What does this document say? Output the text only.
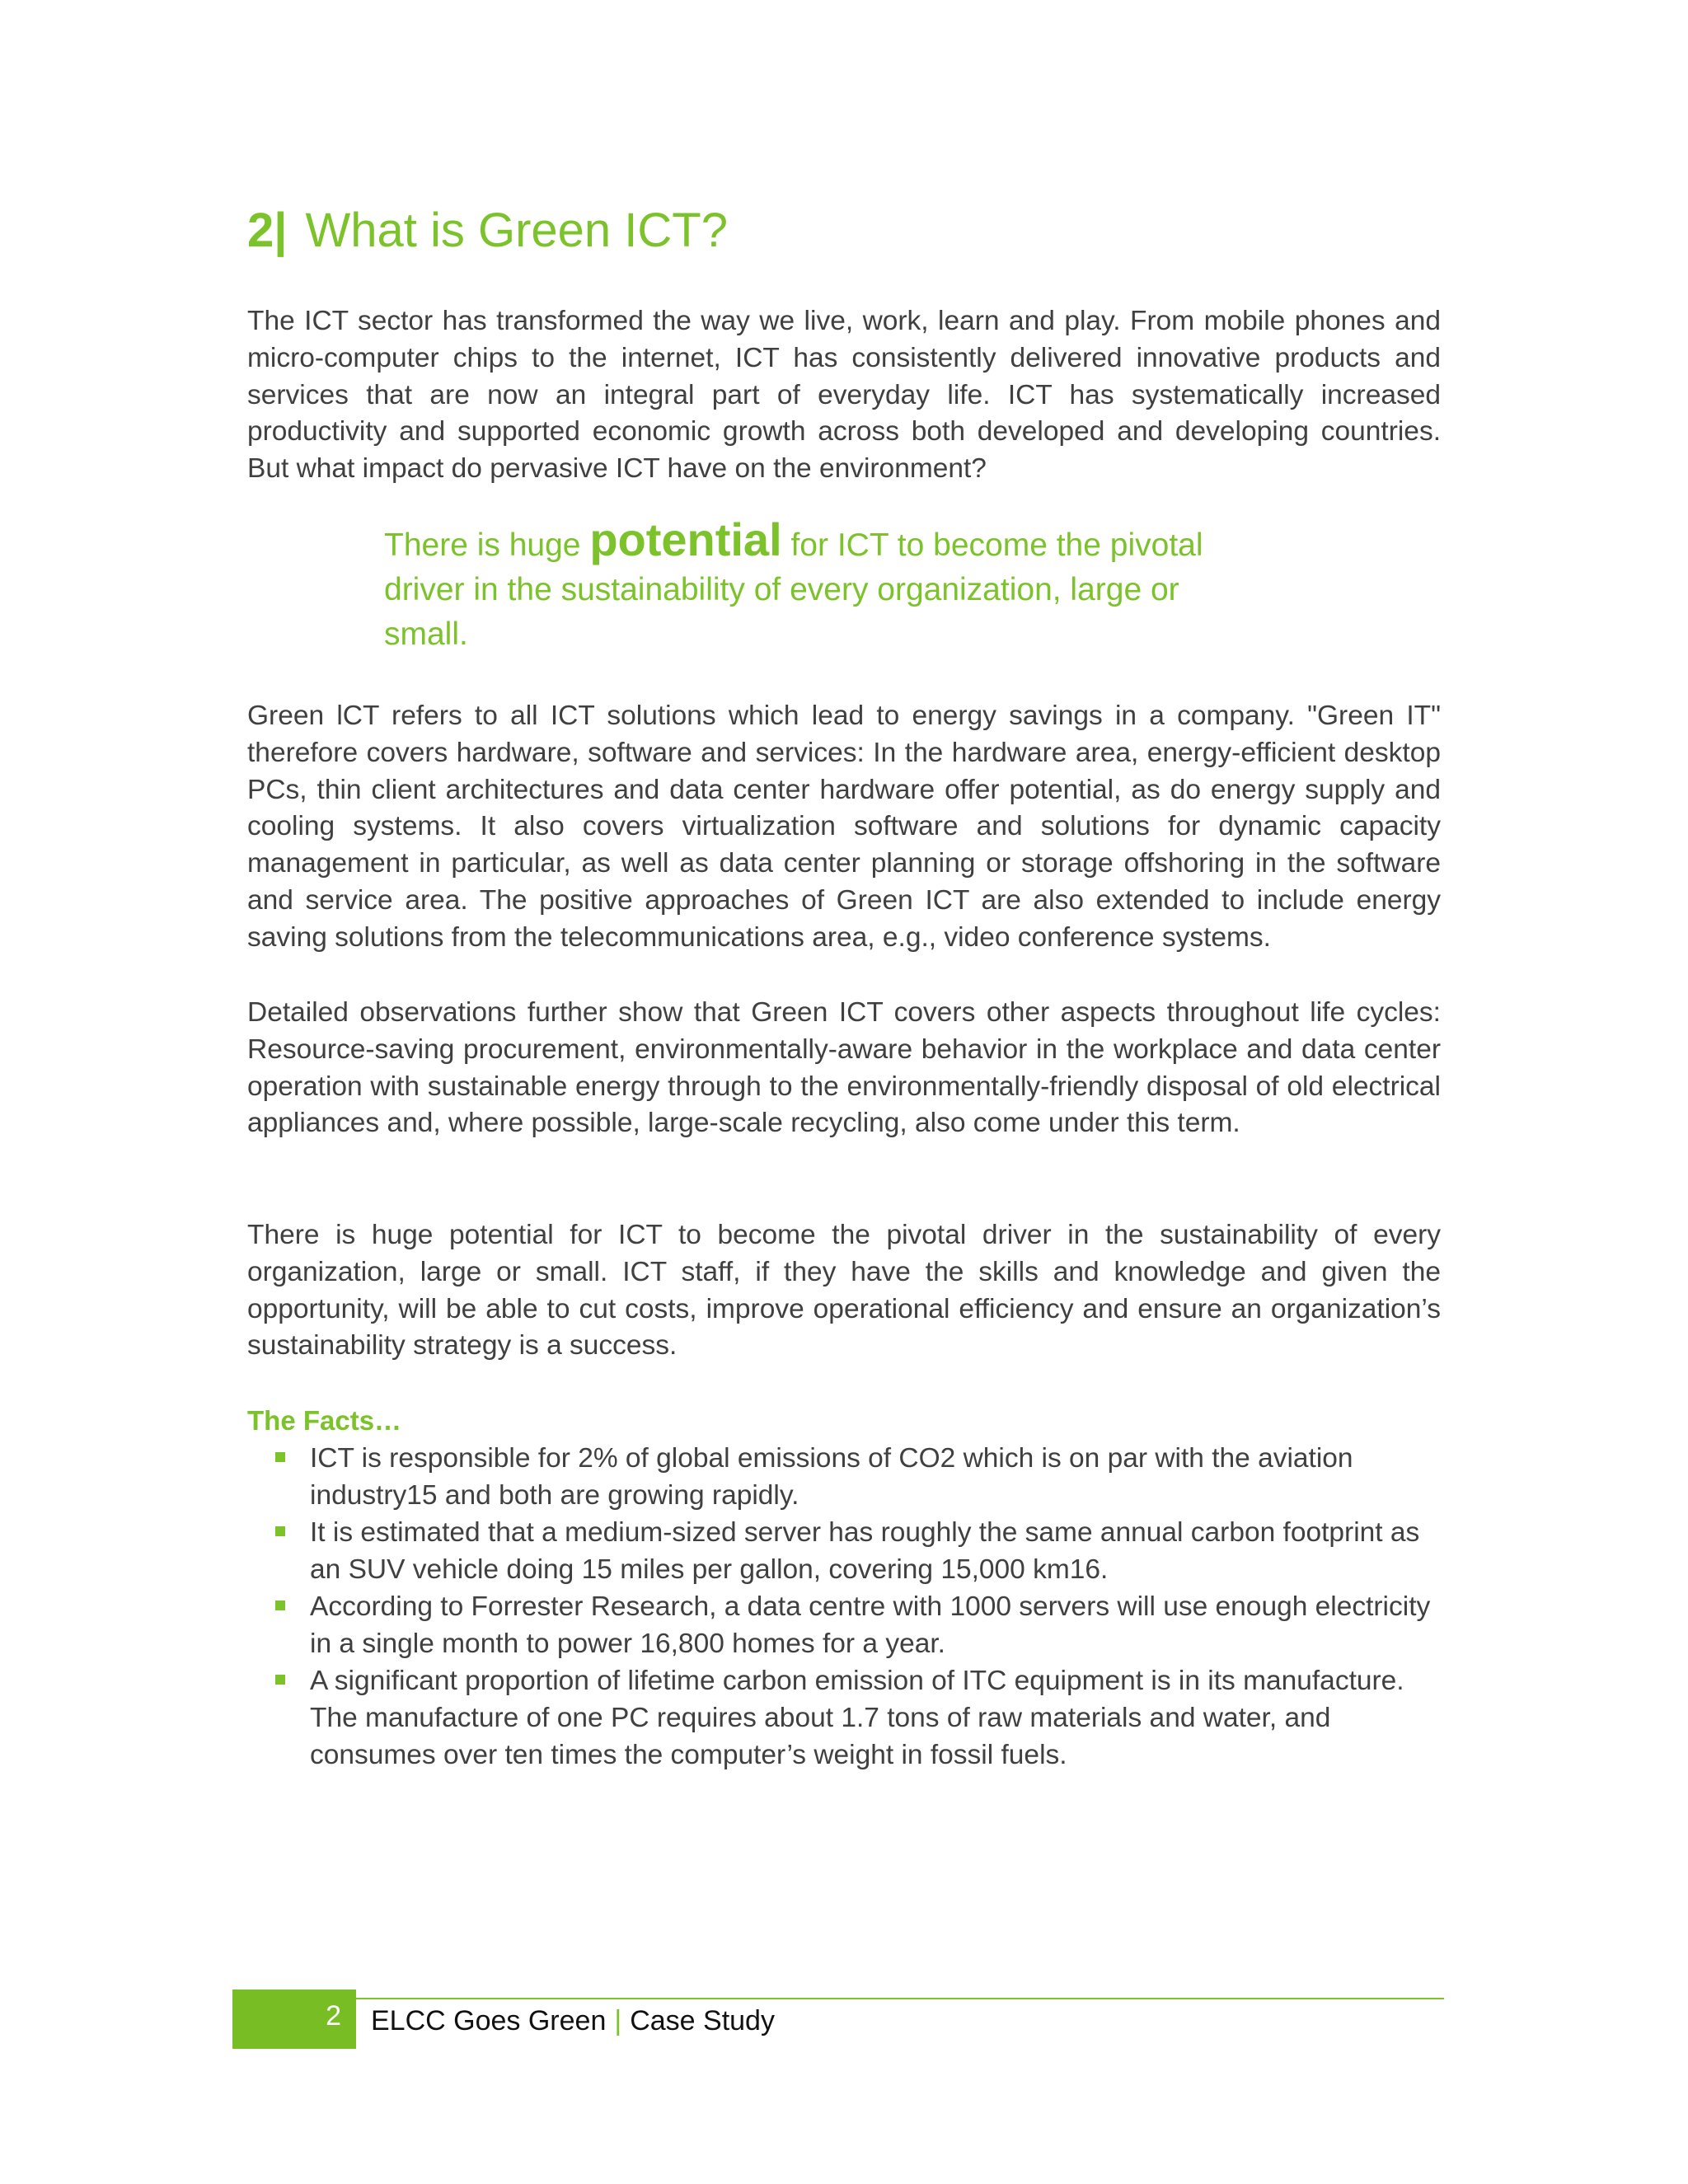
2| What is Green ICT?

The ICT sector has transformed the way we live, work, learn and play. From mobile phones and micro-computer chips to the internet, ICT has consistently delivered innovative products and services that are now an integral part of everyday life. ICT has systematically increased productivity and supported economic growth across both developed and developing countries. But what impact do pervasive ICT have on the environment?

There is huge potential for ICT to become the pivotal driver in the sustainability of every organization, large or small.

Green lCT refers to all ICT solutions which lead to energy savings in a company. "Green IT" therefore covers hardware, software and services: In the hardware area, energy-efficient desktop PCs, thin client architectures and data center hardware offer potential, as do energy supply and cooling systems. It also covers virtualization software and solutions for dynamic capacity management in particular, as well as data center planning or storage offshoring in the software and service area. The positive approaches of Green ICT are also extended to include energy saving solutions from the telecommunications area, e.g., video conference systems.

Detailed observations further show that Green ICT covers other aspects throughout life cycles: Resource-saving procurement, environmentally-aware behavior in the workplace and data center operation with sustainable energy through to the environmentally-friendly disposal of old electrical appliances and, where possible, large-scale recycling, also come under this term.

There is huge potential for ICT to become the pivotal driver in the sustainability of every organization, large or small. ICT staff, if they have the skills and knowledge and given the opportunity, will be able to cut costs, improve operational efficiency and ensure an organization’s sustainability strategy is a success.

The Facts…
ICT is responsible for 2% of global emissions of CO2 which is on par with the aviation industry15 and both are growing rapidly.
It is estimated that a medium-sized server has roughly the same annual carbon footprint as an SUV vehicle doing 15 miles per gallon, covering 15,000 km16.
According to Forrester Research, a data centre with 1000 servers will use enough electricity in a single month to power 16,800 homes for a year.
A significant proportion of lifetime carbon emission of ITC equipment is in its manufacture. The manufacture of one PC requires about 1.7 tons of raw materials and water, and consumes over ten times the computer’s weight in fossil fuels.
2 ELCC Goes Green | Case Study
